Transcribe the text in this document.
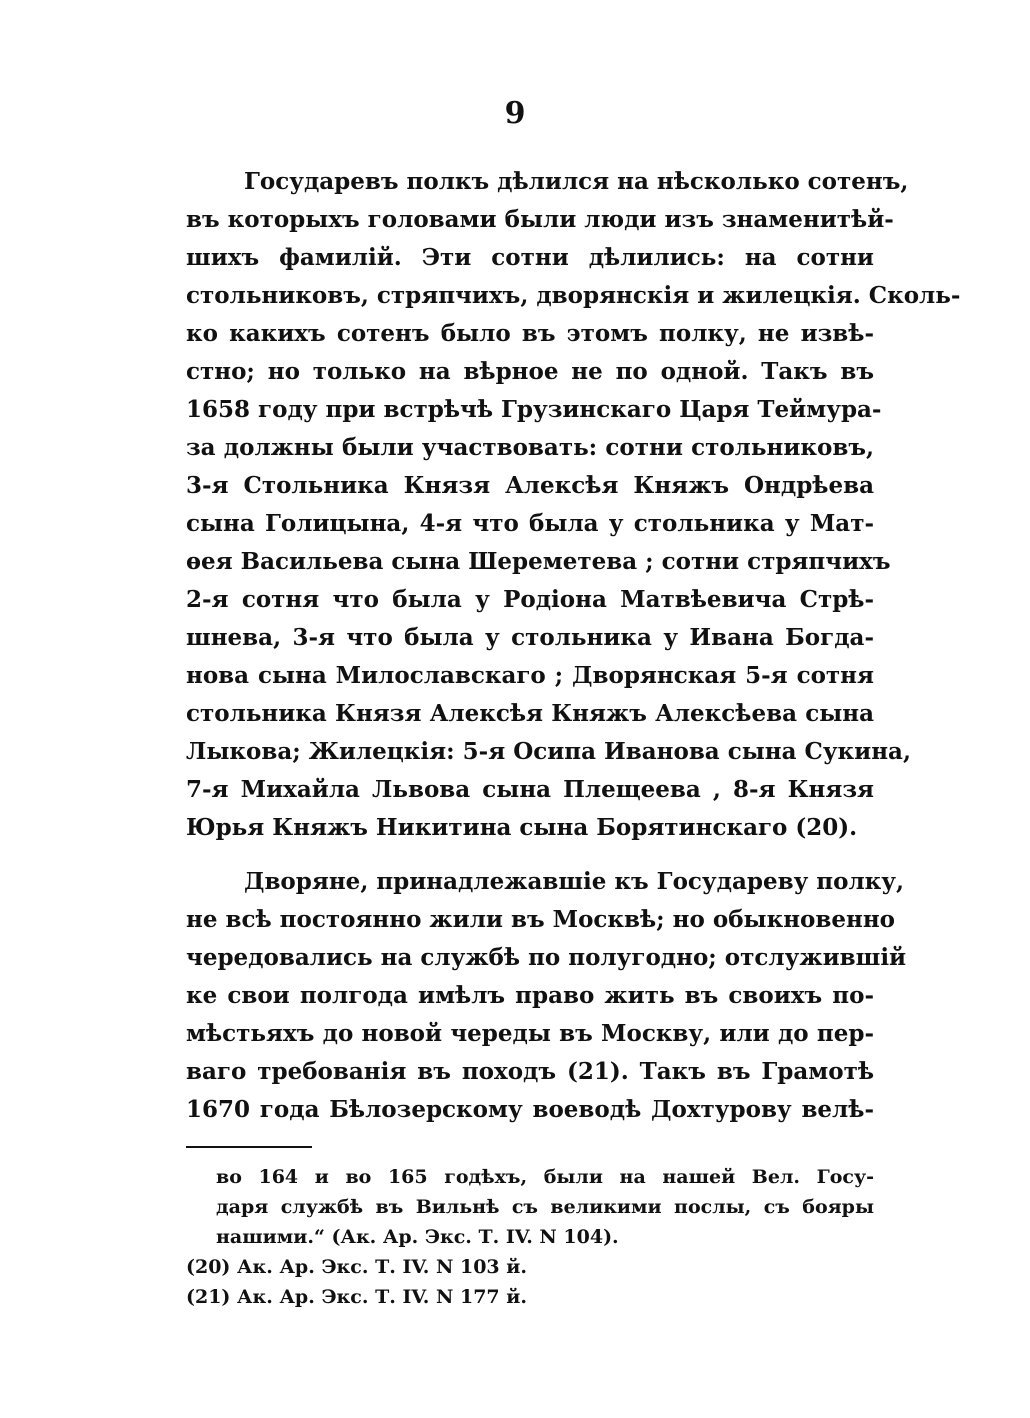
9
Государевъ полкъ дѣлился на нѣсколько сотенъ,
въ которыхъ головами были люди изъ знаменитѣй-
шихъ фамилій. Эти сотни дѣлились: на сотни
стольниковъ, стряпчихъ, дворянскія и жилецкія. Сколь-
ко какихъ сотенъ было въ этомъ полку, не извѣ-
стно; но только на вѣрное не по одной. Такъ въ
1658 году при встрѣчѣ Грузинскаго Царя Теймура-
за должны были участвовать: сотни стольниковъ,
3-я Стольника Князя Алексѣя Княжъ Ондрѣева
сына Голицына, 4-я что была у стольника у Мат-
ѳея Васильева сына Шереметева ; сотни стряпчихъ
2-я сотня что была у Родіона Матвѣевича Стрѣ-
шнева, 3-я что была у стольника у Ивана Богда-
нова сына Милославскаго ; Дворянская 5-я сотня
стольника Князя Алексѣя Княжъ Алексѣева сына
Лыкова; Жилецкія: 5-я Осипа Иванова сына Сукина,
7-я Михайла Львова сына Плещеева , 8-я Князя
Юрья Княжъ Никитина сына Борятинскаго (20).
Дворяне, принадлежавшіе къ Государеву полку,
не всѣ постоянно жили въ Москвѣ; но обыкновенно
чередовались на службѣ по полугодно; отслужившій
ке свои полгода имѣлъ право жить въ своихъ по-
мѣстьяхъ до новой череды въ Москву, или до пер-
ваго требованія въ походъ (21). Такъ въ Грамотѣ
1670 года Бѣлозерскому воеводѣ Дохтурову велѣ-
во 164 и во 165 годѣхъ, были на нашей Вел. Госу-
даря службѣ въ Вильнѣ съ великими послы, съ бояры
нашими.“ (Ак. Ар. Экс. Т. IV. N 104).
(20) Ак. Ар. Экс. Т. IV. N 103 й.
(21) Ак. Ар. Экс. Т. IV. N 177 й.
